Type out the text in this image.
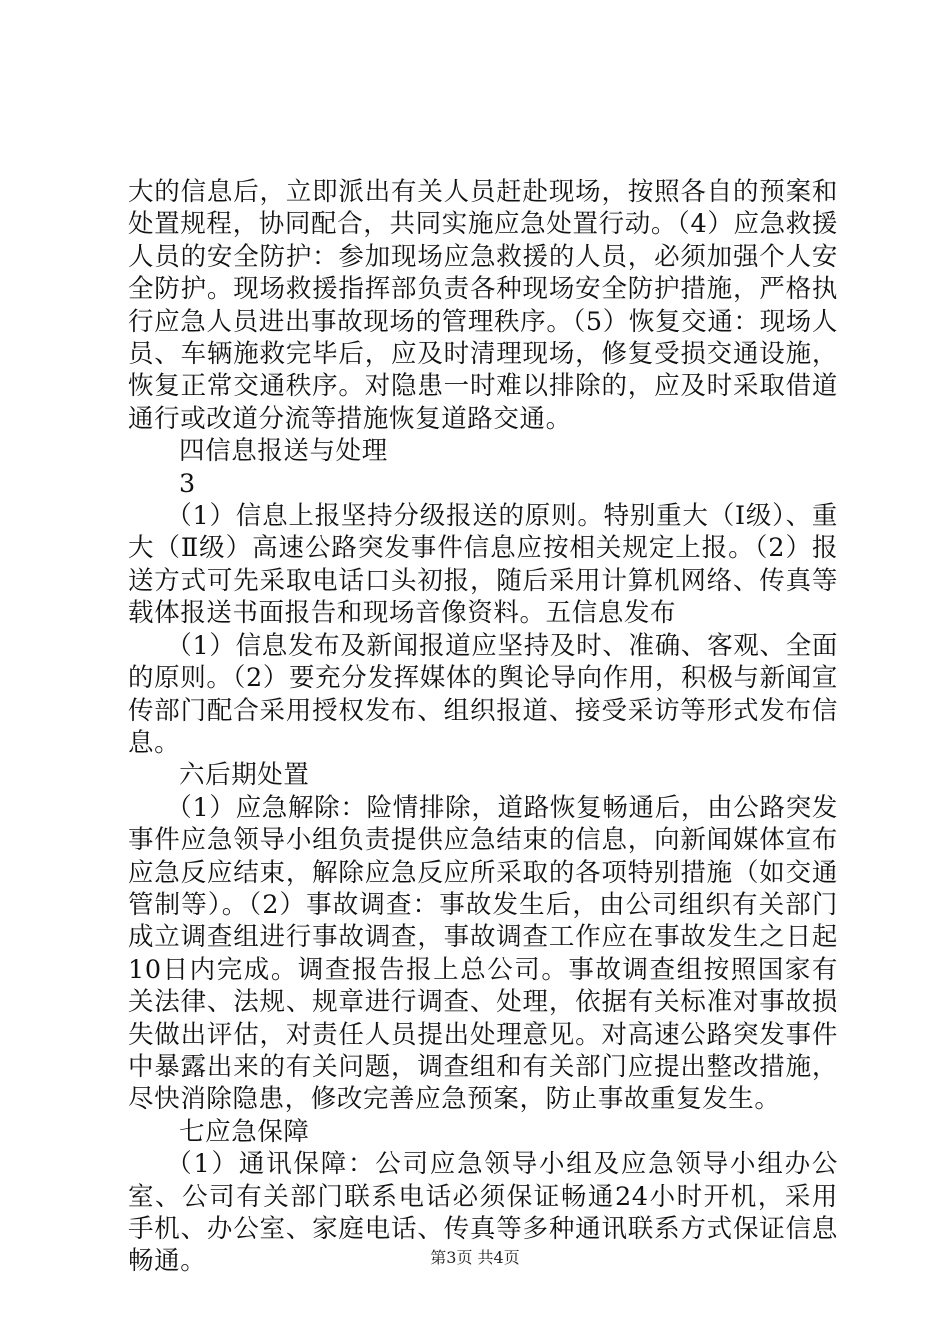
大的信息后，立即派出有关人员赶赴现场，按照各自的预案和处置规程，协同配合，共同实施应急处置行动。（4）应急救援人员的安全防护：参加现场应急救援的人员，必须加强个人安全防护。现场救援指挥部负责各种现场安全防护措施，严格执行应急人员进出事故现场的管理秩序。（5）恢复交通：现场人员、车辆施救完毕后，应及时清理现场，修复受损交通设施，恢复正常交通秩序。对隐患一时难以排除的，应及时采取借道通行或改道分流等措施恢复道路交通。

四信息报送与处理

3

（1）信息上报坚持分级报送的原则。特别重大（Ⅰ级）、重大（Ⅱ级）高速公路突发事件信息应按相关规定上报。（2）报送方式可先采取电话口头初报，随后采用计算机网络、传真等载体报送书面报告和现场音像资料。五信息发布

（1）信息发布及新闻报道应坚持及时、准确、客观、全面的原则。（2）要充分发挥媒体的舆论导向作用，积极与新闻宣传部门配合采用授权发布、组织报道、接受采访等形式发布信息。

六后期处置

（1）应急解除：险情排除，道路恢复畅通后，由公路突发事件应急领导小组负责提供应急结束的信息，向新闻媒体宣布应急反应结束，解除应急反应所采取的各项特别措施（如交通管制等）。（2）事故调查：事故发生后，由公司组织有关部门成立调查组进行事故调查，事故调查工作应在事故发生之日起10日内完成。调查报告报上总公司。事故调查组按照国家有关法律、法规、规章进行调查、处理，依据有关标准对事故损失做出评估，对责任人员提出处理意见。对高速公路突发事件中暴露出来的有关问题，调查组和有关部门应提出整改措施，尽快消除隐患，修改完善应急预案，防止事故重复发生。

七应急保障

（1）通讯保障：公司应急领导小组及应急领导小组办公室、公司有关部门联系电话必须保证畅通24小时开机，采用手机、办公室、家庭电话、传真等多种通讯联系方式保证信息畅通。	第3页 共4页
